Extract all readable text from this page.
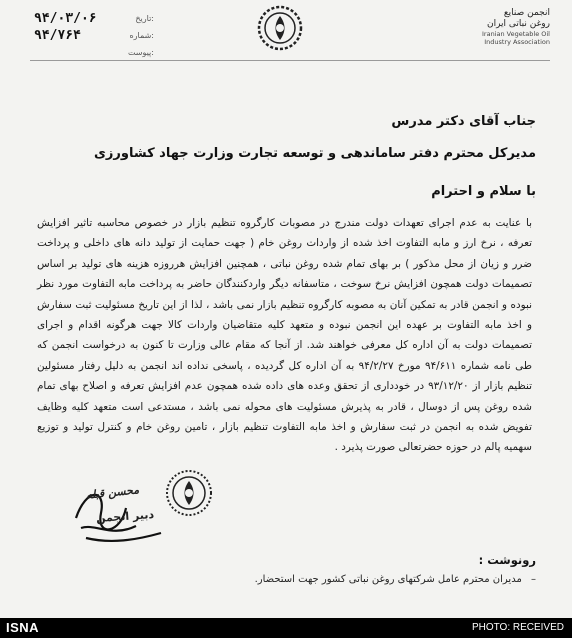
۹۴/۰۳/۰۶	تاریخ:
۹۴/۷۶۴	شماره:
پیوست:
انجمن صنایع
روغن نباتی ایران
Iranian Vegetable Oil
Industry Association
جناب آقای دکتر مدرس
مدیرکل محترم دفتر ساماندهی و توسعه تجارت وزارت جهاد کشاورزی
با سلام و احترام

با عنایت به عدم اجرای تعهدات دولت مندرج در مصوبات کارگروه تنظیم بازار در خصوص محاسبه تاثیر افزایش تعرفه ، نرخ ارز و مابه التفاوت اخذ شده از واردات روغن خام ( جهت حمایت از تولید دانه های داخلی و پرداخت ضرر و زیان از محل مذکور ) بر بهای تمام شده روغن نباتی ، همچنین افزایش هرروزه هزینه های تولید بر اساس تصمیمات دولت همچون افزایش نرخ سوخت ، متاسفانه دیگر واردکنندگان حاضر به پرداخت مابه التفاوت مورد نظر نبوده و انجمن قادر به تمکین آنان به مصوبه کارگروه تنظیم بازار نمی باشد ، لذا از این تاریخ مسئولیت ثبت سفارش و اخذ مابه التفاوت بر عهده این انجمن نبوده و متعهد کلیه متقاضیان واردات کالا جهت هرگونه اقدام و اجرای تصمیمات دولت به آن اداره کل معرفی خواهند شد. از آنجا که مقام عالی وزارت تا کنون به درخواست انجمن که طی نامه شماره ۹۴/۶۱۱ مورخ ۹۴/۲/۲۷ به آن اداره کل گردیده ، پاسخی نداده اند انجمن به دلیل رفتار مسئولین تنظیم بازار از ۹۳/۱۲/۲۰ در خودداری از تحقق وعده های داده شده همچون عدم افزایش تعرفه و اصلاح بهای تمام شده روغن پس از دوسال ، قادر به پذیرش مسئولیت های محوله نمی باشد ، مستدعی است متعهد کلیه وظایف تفویض شده به انجمن در ثبت سفارش و اخذ مابه التفاوت تنظیم بازار ، تامین روغن خام و کنترل تولید و توزیع سهمیه پالم در حوزه حضرتعالی صورت پذیرد .

محسن قبله
دبیر انجمن
رونوشت :
– مدیران محترم عامل شرکتهای روغن نباتی کشور جهت استحضار.
ISNA	PHOTO: RECEIVED
